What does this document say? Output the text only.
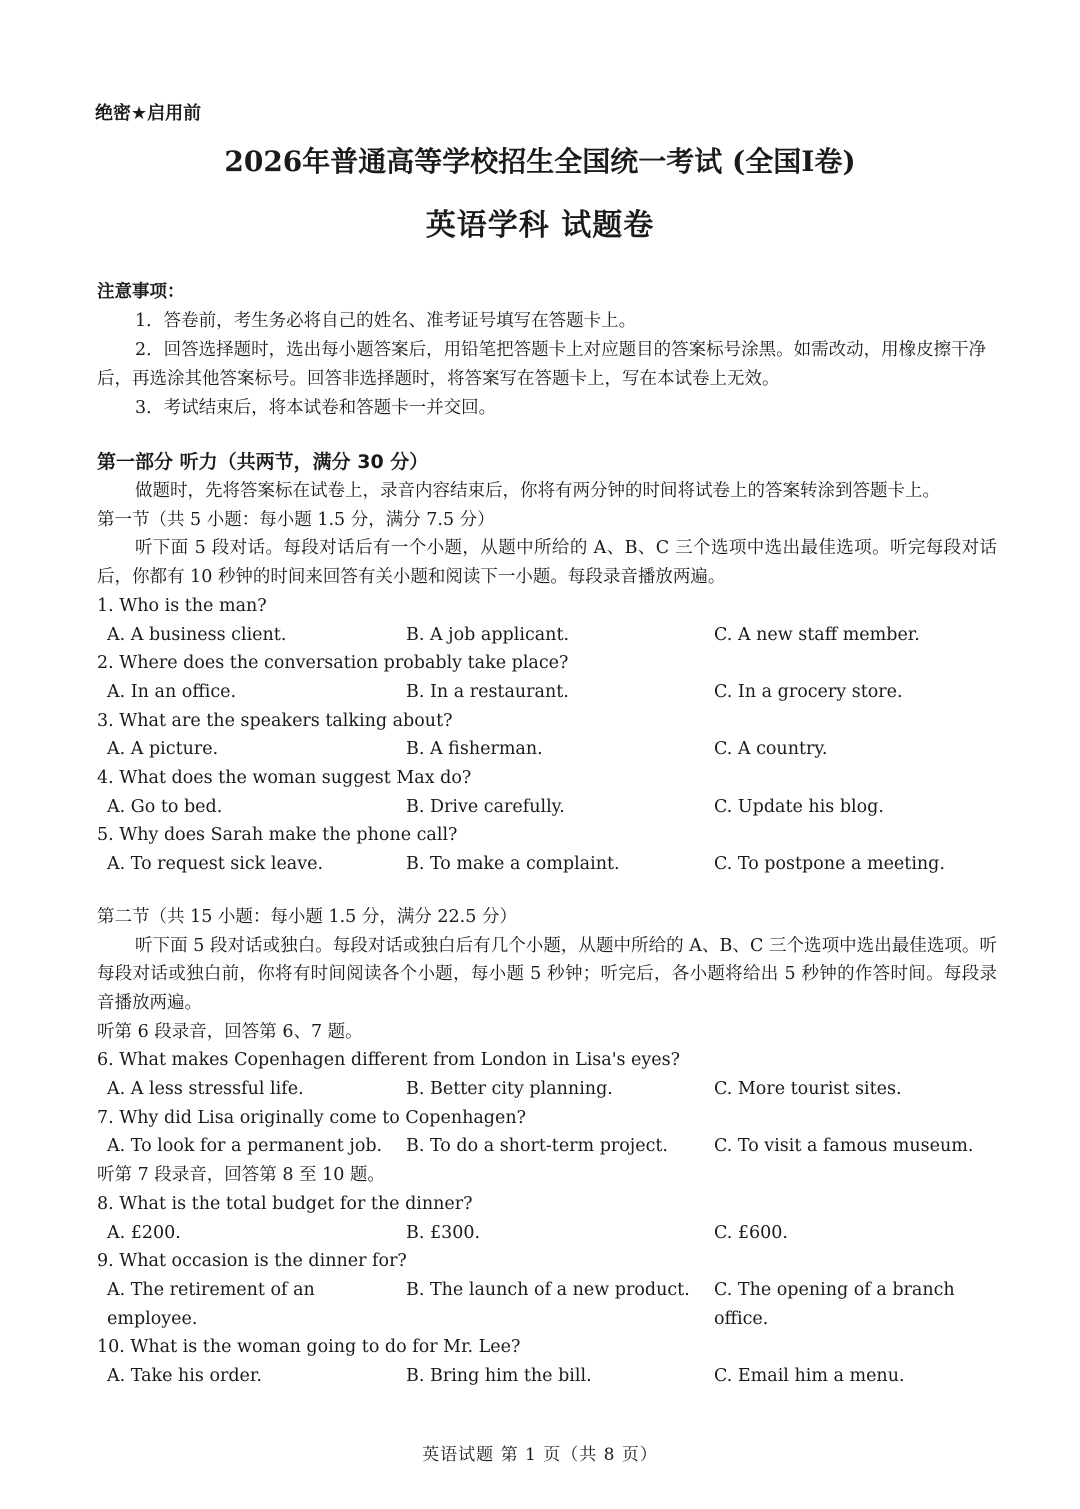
绝密★启用前
2026年普通高等学校招生全国统一考试 (全国I卷)
英语学科 试题卷
注意事项：
1．答卷前，考生务必将自己的姓名、准考证号填写在答题卡上。
2．回答选择题时，选出每小题答案后，用铅笔把答题卡上对应题目的答案标号涂黑。如需改动，用橡皮擦干净后，再选涂其他答案标号。回答非选择题时，将答案写在答题卡上，写在本试卷上无效。
3．考试结束后，将本试卷和答题卡一并交回。
第一部分 听力（共两节，满分 30 分）
做题时，先将答案标在试卷上，录音内容结束后，你将有两分钟的时间将试卷上的答案转涂到答题卡上。
第一节（共 5 小题：每小题 1.5 分，满分 7.5 分）
听下面 5 段对话。每段对话后有一个小题，从题中所给的 A、B、C 三个选项中选出最佳选项。听完每段对话后，你都有 10 秒钟的时间来回答有关小题和阅读下一小题。每段录音播放两遍。
1. Who is the man?
A. A business client.	B. A job applicant.	C. A new staff member.
2. Where does the conversation probably take place?
A. In an office.	B. In a restaurant.	C. In a grocery store.
3. What are the speakers talking about?
A. A picture.	B. A fisherman.	C. A country.
4. What does the woman suggest Max do?
A. Go to bed.	B. Drive carefully.	C. Update his blog.
5. Why does Sarah make the phone call?
A. To request sick leave.	B. To make a complaint.	C. To postpone a meeting.
第二节（共 15 小题：每小题 1.5 分，满分 22.5 分）
听下面 5 段对话或独白。每段对话或独白后有几个小题，从题中所给的 A、B、C 三个选项中选出最佳选项。听每段对话或独白前，你将有时间阅读各个小题，每小题 5 秒钟；听完后，各小题将给出 5 秒钟的作答时间。每段录音播放两遍。
听第 6 段录音，回答第 6、7 题。
6. What makes Copenhagen different from London in Lisa's eyes?
A. A less stressful life.	B. Better city planning.	C. More tourist sites.
7. Why did Lisa originally come to Copenhagen?
A. To look for a permanent job.	B. To do a short-term project.	C. To visit a famous museum.
听第 7 段录音，回答第 8 至 10 题。
8. What is the total budget for the dinner?
A. £200.	B. £300.	C. £600.
9. What occasion is the dinner for?
A. The retirement of an employee.
B. The launch of a new product.	C. The opening of a branch office.
10. What is the woman going to do for Mr. Lee?
A. Take his order.	B. Bring him the bill.	C. Email him a menu.
英语试题 第 1 页（共 8 页）
